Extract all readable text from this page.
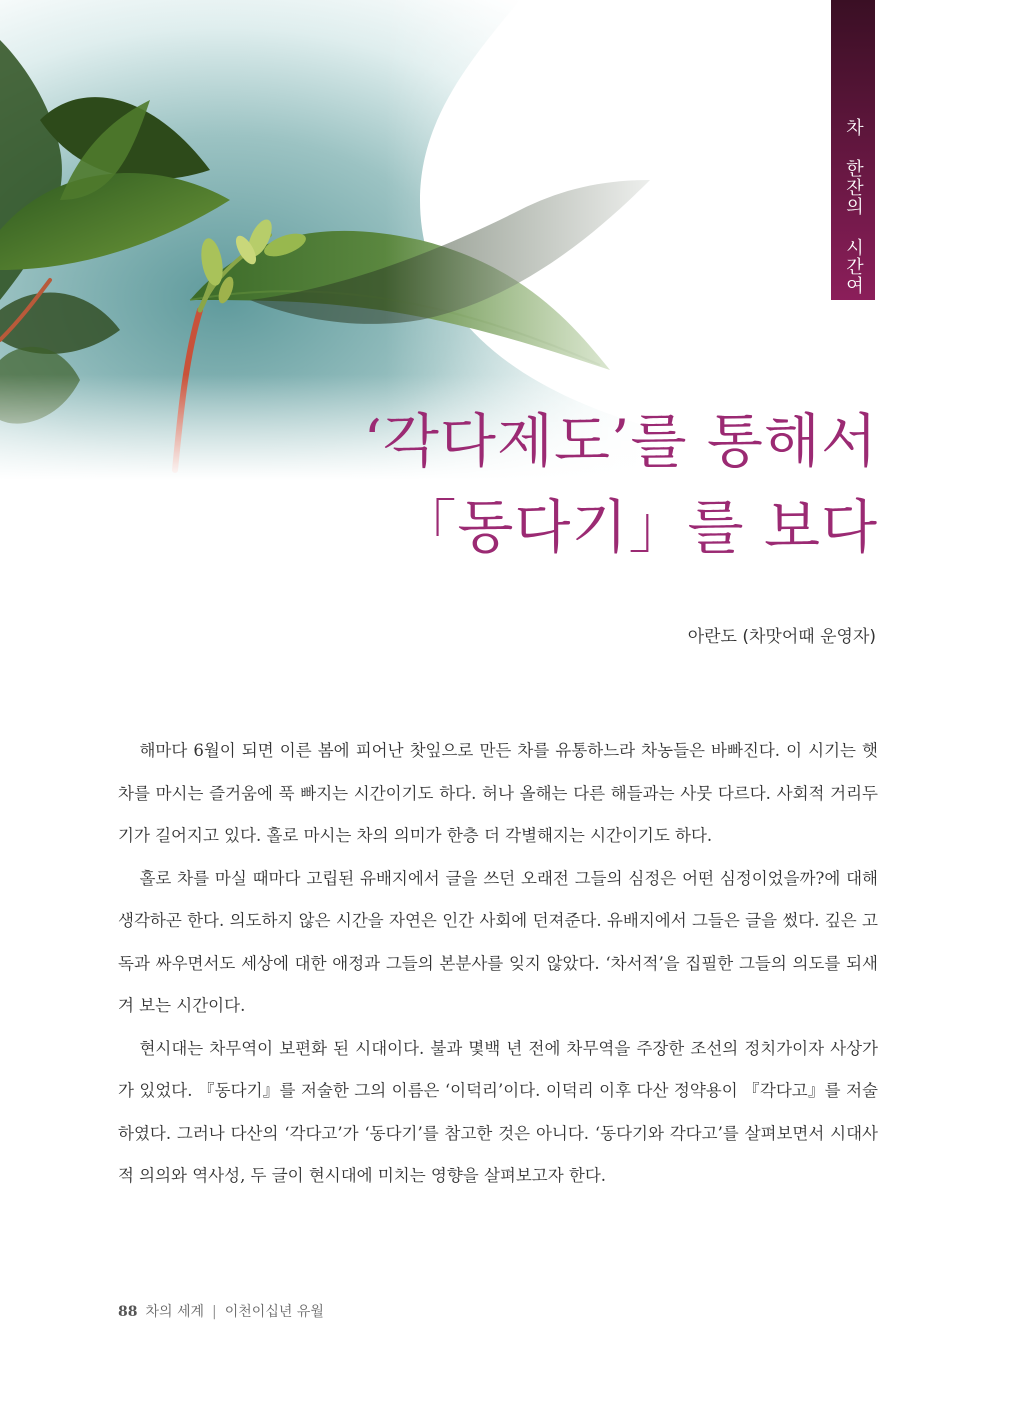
차 한잔의 시간여행 ④
‘각다제도’를 통해서
「동다기」를 보다
아란도 (차맛어때 운영자)

해마다 6월이 되면 이른 봄에 피어난 찻잎으로 만든 차를 유통하느라 차농들은 바빠진다. 이 시기는 햇차를 마시는 즐거움에 푹 빠지는 시간이기도 하다. 허나 올해는 다른 해들과는 사뭇 다르다. 사회적 거리두기가 길어지고 있다. 홀로 마시는 차의 의미가 한층 더 각별해지는 시간이기도 하다.

홀로 차를 마실 때마다 고립된 유배지에서 글을 쓰던 오래전 그들의 심정은 어떤 심정이었을까?에 대해 생각하곤 한다. 의도하지 않은 시간을 자연은 인간 사회에 던져준다. 유배지에서 그들은 글을 썼다. 깊은 고독과 싸우면서도 세상에 대한 애정과 그들의 본분사를 잊지 않았다. ‘차서적’을 집필한 그들의 의도를 되새겨 보는 시간이다.

현시대는 차무역이 보편화 된 시대이다. 불과 몇백 년 전에 차무역을 주장한 조선의 정치가이자 사상가가 있었다. 『동다기』를 저술한 그의 이름은 ‘이덕리’이다. 이덕리 이후 다산 정약용이 『각다고』를 저술하였다. 그러나 다산의 ‘각다고’가 ‘동다기’를 참고한 것은 아니다. ‘동다기와 각다고’를 살펴보면서 시대사적 의의와 역사성, 두 글이 현시대에 미치는 영향을 살펴보고자 한다.

88 차의 세계 | 이천이십년 유월
